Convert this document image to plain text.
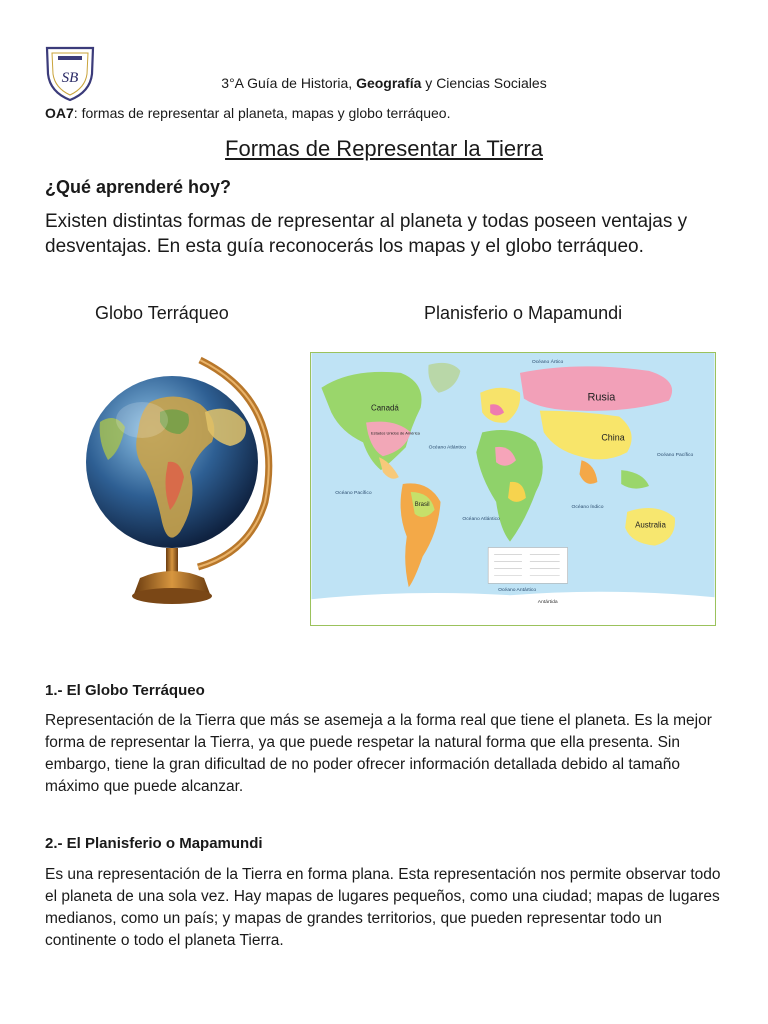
SB	3°A Guía de Historia, Geografía y Ciencias Sociales
OA7: formas de representar al planeta, mapas y globo terráqueo.
Formas de Representar la Tierra
¿Qué aprenderé hoy?
Existen distintas formas de representar al planeta y todas poseen ventajas y desventajas. En esta guía reconocerás los mapas y el globo terráqueo.
Globo Terráqueo	Planisferio o Mapamundi
Océano Ártico
Rusia
Canadá
Estados Unidos de América	China
Brasil
Australia
Océano Pacífico
Océano Pacífico
Océano Atlántico
Océano Atlántico
Océano Índico
Océano Antártico
Antártida
1.- El Globo Terráqueo
Representación de la Tierra que más se asemeja a la forma real que tiene el planeta. Es la mejor forma de representar la Tierra, ya que puede respetar la natural forma que ella presenta. Sin embargo, tiene la gran dificultad de no poder ofrecer información detallada debido al tamaño máximo que puede alcanzar.
2.- El Planisferio o Mapamundi
Es una representación de la Tierra en forma plana. Esta representación nos permite observar todo el planeta de una sola vez. Hay mapas de lugares pequeños, como una ciudad; mapas de lugares medianos, como un país; y mapas de grandes territorios, que pueden representar todo un continente o todo el planeta Tierra.
